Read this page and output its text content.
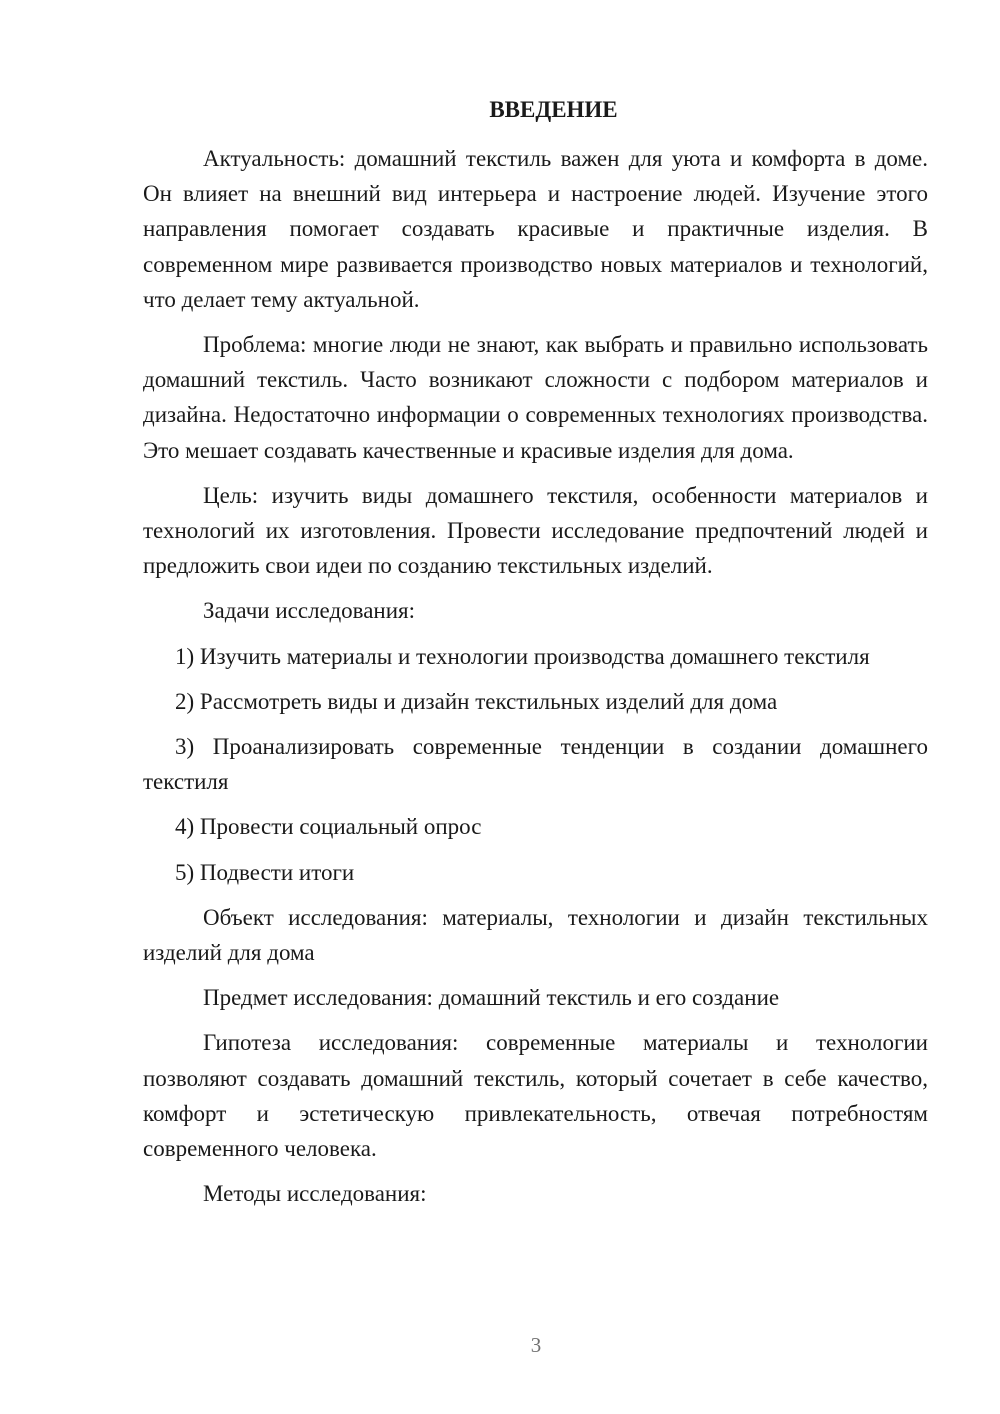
ВВЕДЕНИЕ

Актуальность: домашний текстиль важен для уюта и комфорта в доме. Он влияет на внешний вид интерьера и настроение людей. Изучение этого направления помогает создавать красивые и практичные изделия. В современном мире развивается производство новых материалов и технологий, что делает тему актуальной.

Проблема: многие люди не знают, как выбрать и правильно использовать домашний текстиль. Часто возникают сложности с подбором материалов и дизайна. Недостаточно информации о современных технологиях производства. Это мешает создавать качественные и красивые изделия для дома.

Цель: изучить виды домашнего текстиля, особенности материалов и технологий их изготовления. Провести исследование предпочтений людей и предложить свои идеи по созданию текстильных изделий.

Задачи исследования:

1) Изучить материалы и технологии производства домашнего текстиля

2) Рассмотреть виды и дизайн текстильных изделий для дома

3) Проанализировать современные тенденции в создании домашнего текстиля

4) Провести социальный опрос

5) Подвести итоги

Объект исследования: материалы, технологии и дизайн текстильных изделий для дома

Предмет исследования: домашний текстиль и его создание

Гипотеза исследования: современные материалы и технологии позволяют создавать домашний текстиль, который сочетает в себе качество, комфорт и эстетическую привлекательность, отвечая потребностям современного человека.

Методы исследования:

3
